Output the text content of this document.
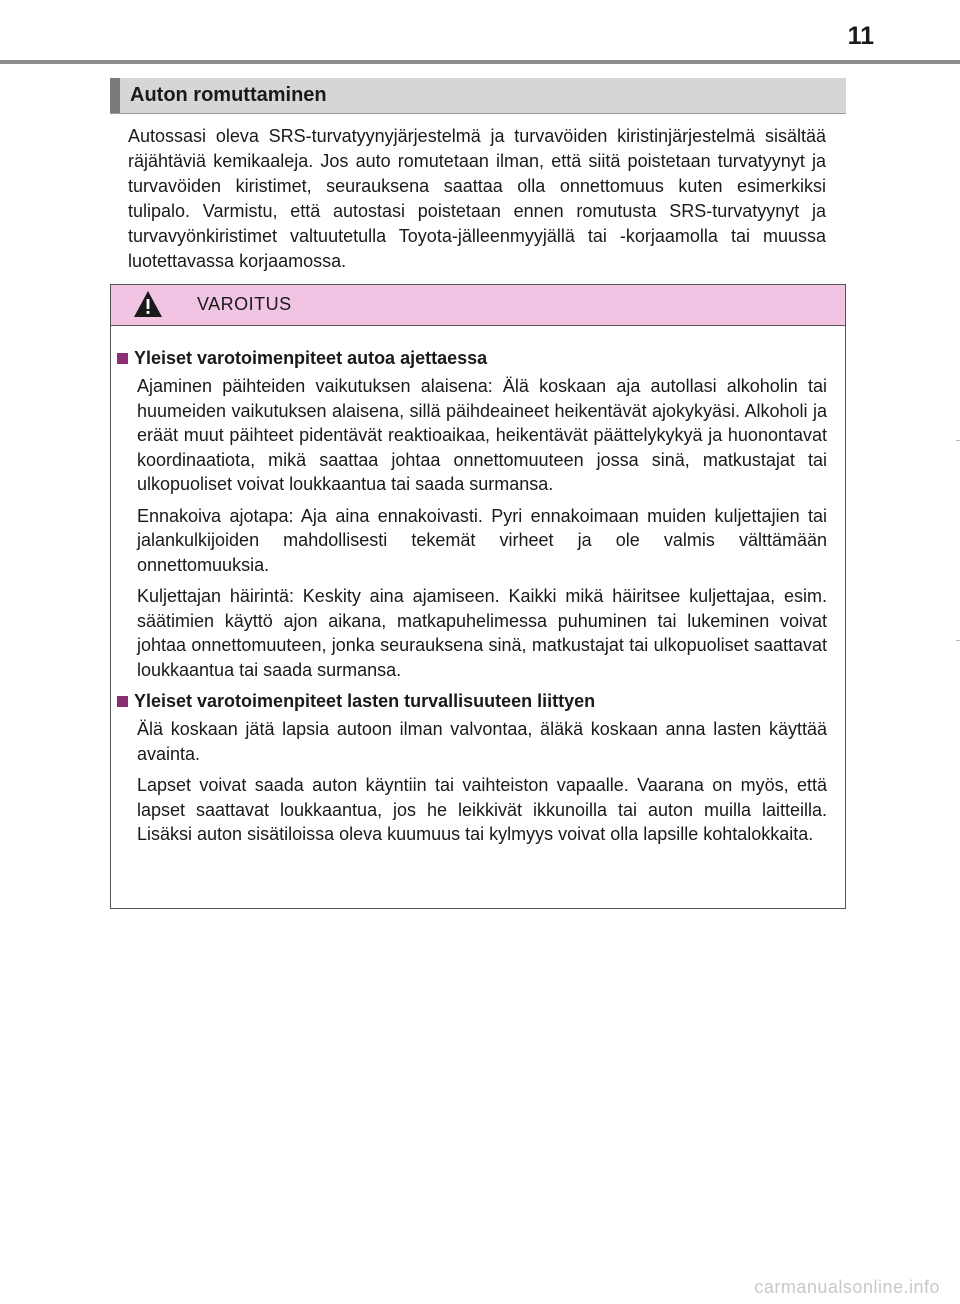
11
Auton romuttaminen

Autossasi oleva SRS-turvatyynyjärjestelmä ja turvavöiden kiristinjärjestelmä sisältää räjähtäviä kemikaaleja. Jos auto romutetaan ilman, että siitä poistetaan turvatyynyt ja turvavöiden kiristimet, seurauksena saattaa olla onnettomuus kuten esimerkiksi tulipalo. Varmistu, että autostasi poistetaan ennen romutusta SRS-turvatyynyt ja turvavyönkiristimet valtuutetulla Toyota-jälleenmyyjällä tai -korjaamolla tai muussa luotettavassa korjaamossa.

VAROITUS
Yleiset varotoimenpiteet autoa ajettaessa

Ajaminen päihteiden vaikutuksen alaisena: Älä koskaan aja autollasi alkoholin tai huumeiden vaikutuksen alaisena, sillä päihdeaineet heikentävät ajokykyäsi. Alkoholi ja eräät muut päihteet pidentävät reaktioaikaa, heikentävät päättelykykyä ja huonontavat koordinaatiota, mikä saattaa johtaa onnettomuuteen jossa sinä, matkustajat tai ulkopuoliset voivat loukkaantua tai saada surmansa.

Ennakoiva ajotapa: Aja aina ennakoivasti. Pyri ennakoimaan muiden kuljettajien tai jalankulkijoiden mahdollisesti tekemät virheet ja ole valmis välttämään onnettomuuksia.

Kuljettajan häirintä: Keskity aina ajamiseen. Kaikki mikä häiritsee kuljettajaa, esim. säätimien käyttö ajon aikana, matkapuhelimessa puhuminen tai lukeminen voivat johtaa onnettomuuteen, jonka seurauksena sinä, matkustajat tai ulkopuoliset saattavat loukkaantua tai saada surmansa.

Yleiset varotoimenpiteet lasten turvallisuuteen liittyen

Älä koskaan jätä lapsia autoon ilman valvontaa, äläkä koskaan anna lasten käyttää avainta.

Lapset voivat saada auton käyntiin tai vaihteiston vapaalle. Vaarana on myös, että lapset saattavat loukkaantua, jos he leikkivät ikkunoilla tai auton muilla laitteilla. Lisäksi auton sisätiloissa oleva kuumuus tai kylmyys voivat olla lapsille kohtalokkaita.

carmanualsonline.info
